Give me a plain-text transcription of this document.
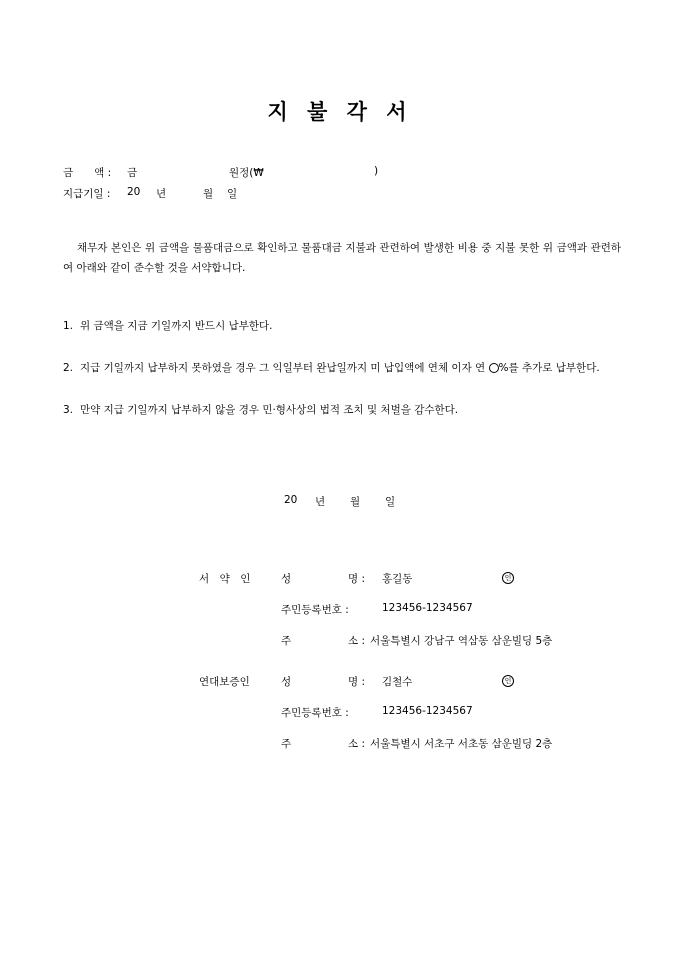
지 불 각 서
금　　액 : 금	원정(₩	)
지급기일 : 20 년	월 일
채무자 본인은 위 금액을 물품대금으로 확인하고 물품대금 지불과 관련하여 발생한 비용 중 지불 못한 위 금액과 관련하여 아래와 같이 준수할 것을 서약합니다.

1. 위 금액을 지금 기일까지 반드시 납부한다.

2. 지급 기일까지 납부하지 못하였을 경우 그 익일부터 완납일까지 미 납입액에 연체 이자 연 %를 추가로 납부한다.

3. 만약 지급 기일까지 납부하지 않을 경우 민·형사상의 법적 조치 및 처벌을 감수한다.

20 년 월 일
서　약　인	성	명 : 홍길동	인
주민등록번호 :	123456-1234567
주	소 : 서울특별시 강남구 역삼동 삼운빌딩 5층
연대보증인	성	명 : 김철수	인
주민등록번호 :	123456-1234567
주	소 : 서울특별시 서초구 서초동 삼운빌딩 2층
